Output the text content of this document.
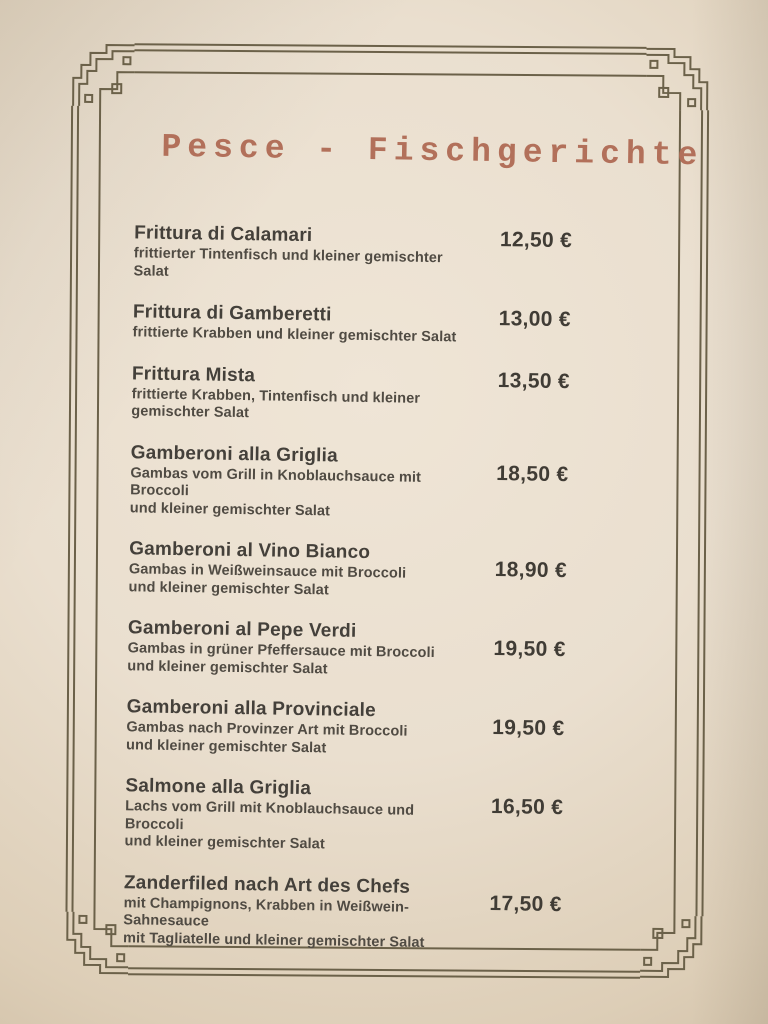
Pesce - Fischgerichte
Frittura di Calamari

frittierter Tintenfisch und kleiner gemischter Salat

12,50 €
Frittura di Gamberetti

frittierte Krabben und kleiner gemischter Salat

13,00 €
Frittura Mista

frittierte Krabben, Tintenfisch und kleiner gemischter Salat

13,50 €
Gamberoni alla Griglia

Gambas vom Grill in Knoblauchsauce mit Broccoli
und kleiner gemischter Salat

18,50 €
Gamberoni al Vino Bianco

Gambas in Weißweinsauce mit Broccoli
und kleiner gemischter Salat

18,90 €
Gamberoni al Pepe Verdi

Gambas in grüner Pfeffersauce mit Broccoli
und kleiner gemischter Salat

19,50 €
Gamberoni alla Provinciale

Gambas nach Provinzer Art mit Broccoli
und kleiner gemischter Salat

19,50 €
Salmone alla Griglia

Lachs vom Grill mit Knoblauchsauce und Broccoli
und kleiner gemischter Salat

16,50 €
Zanderfiled nach Art des Chefs

mit Champignons, Krabben in Weißwein-Sahnesauce
mit Tagliatelle und kleiner gemischter Salat

17,50 €
